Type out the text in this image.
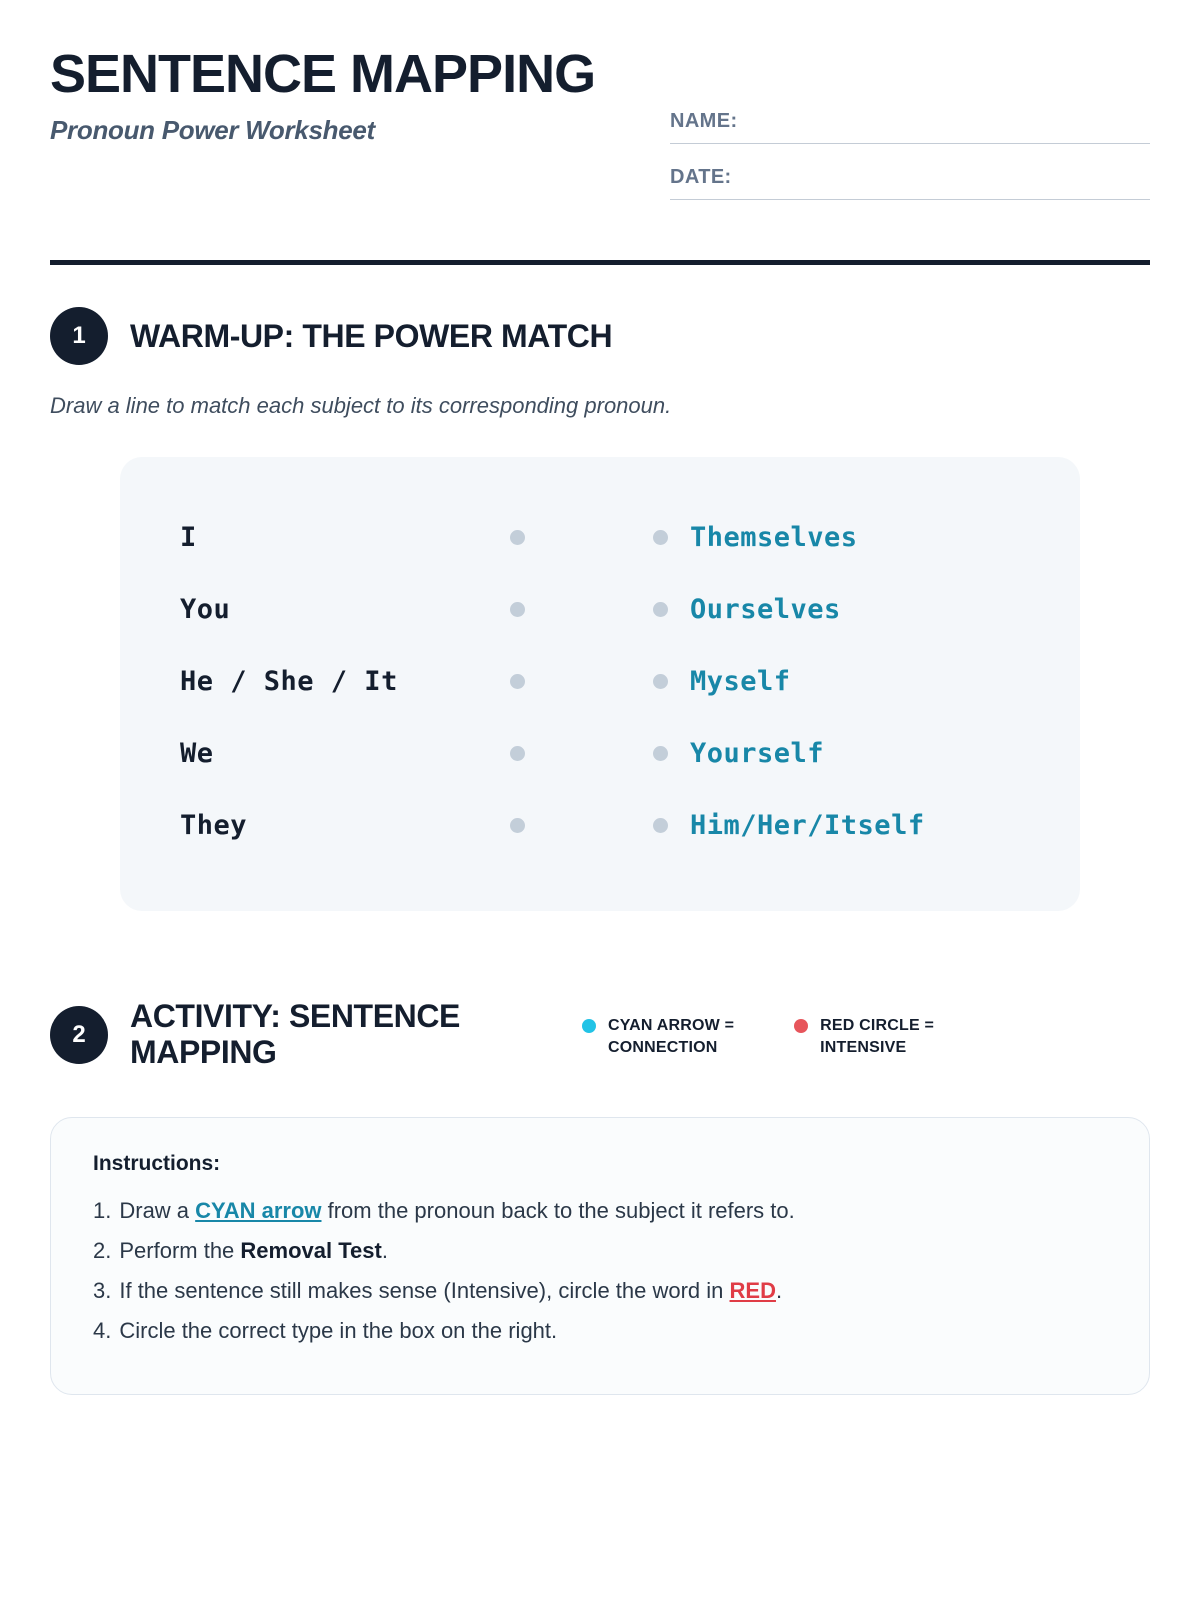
SENTENCE MAPPING
Pronoun Power Worksheet	NAME:
DATE:
1	WARM-UP: THE POWER MATCH
Draw a line to match each subject to its corresponding pronoun.
I	Themselves
You	Ourselves
He / She / It	Myself
We	Yourself
They	Him/Her/Itself
2
ACTIVITY: SENTENCE MAPPING
CYAN ARROW =
CONNECTION
RED CIRCLE =
INTENSIVE
Instructions:
1. Draw a CYAN arrow from the pronoun back to the subject it refers to.
2. Perform the Removal Test.
3. If the sentence still makes sense (Intensive), circle the word in RED.
4. Circle the correct type in the box on the right.
